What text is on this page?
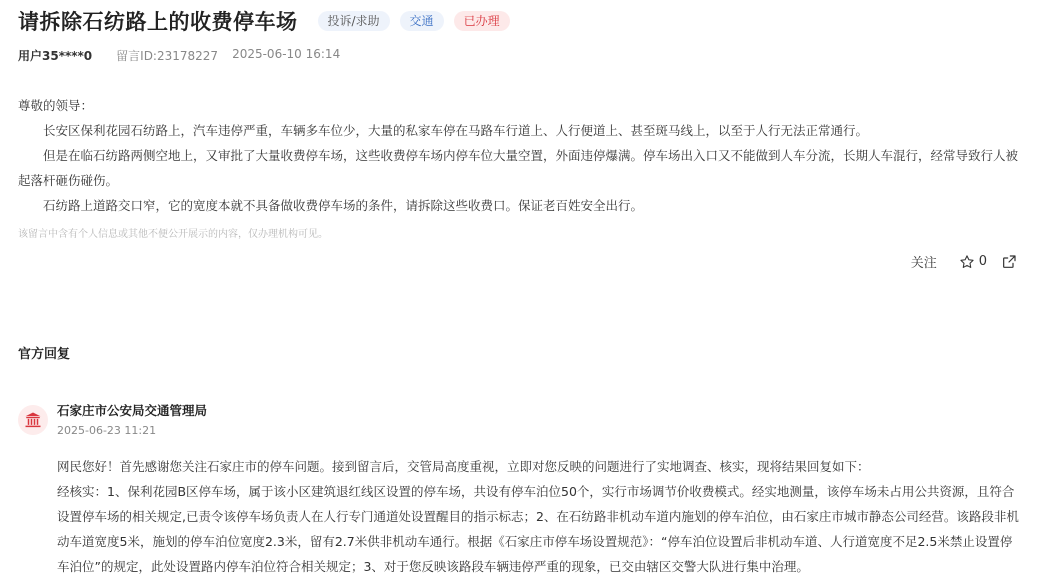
请拆除石纺路上的收费停车场	投诉/求助	交通	已办理
用户35****0 留言ID:23178227 2025-06-10 16:14

尊敬的领导：

长安区保利花园石纺路上，汽车违停严重，车辆多车位少，大量的私家车停在马路车行道上、人行便道上、甚至斑马线上，以至于人行无法正常通行。

但是在临石纺路两侧空地上，又审批了大量收费停车场，这些收费停车场内停车位大量空置，外面违停爆满。停车场出入口又不能做到人车分流，长期人车混行，经常导致行人被起落杆砸伤碰伤。

石纺路上道路交口窄，它的宽度本就不具备做收费停车场的条件，请拆除这些收费口。保证老百姓安全出行。

该留言中含有个人信息或其他不便公开展示的内容，仅办理机构可见。
关注	0
官方回复
石家庄市公安局交通管理局
2025-06-23 11:21

网民您好！首先感谢您关注石家庄市的停车问题。接到留言后，交管局高度重视，立即对您反映的问题进行了实地调查、核实，现将结果回复如下：

经核实：1、保利花园B区停车场，属于该小区建筑退红线区设置的停车场，共设有停车泊位50个，实行市场调节价收费模式。经实地测量，该停车场未占用公共资源，且符合设置停车场的相关规定,已责令该停车场负责人在人行专门通道处设置醒目的指示标志；2、在石纺路非机动车道内施划的停车泊位，由石家庄市城市静态公司经营。该路段非机动车道宽度5米，施划的停车泊位宽度2.3米，留有2.7米供非机动车通行。根据《石家庄市停车场设置规范》：“停车泊位设置后非机动车道、人行道宽度不足2.5米禁止设置停车泊位”的规定，此处设置路内停车泊位符合相关规定；3、对于您反映该路段车辆违停严重的现象，已交由辖区交警大队进行集中治理。
